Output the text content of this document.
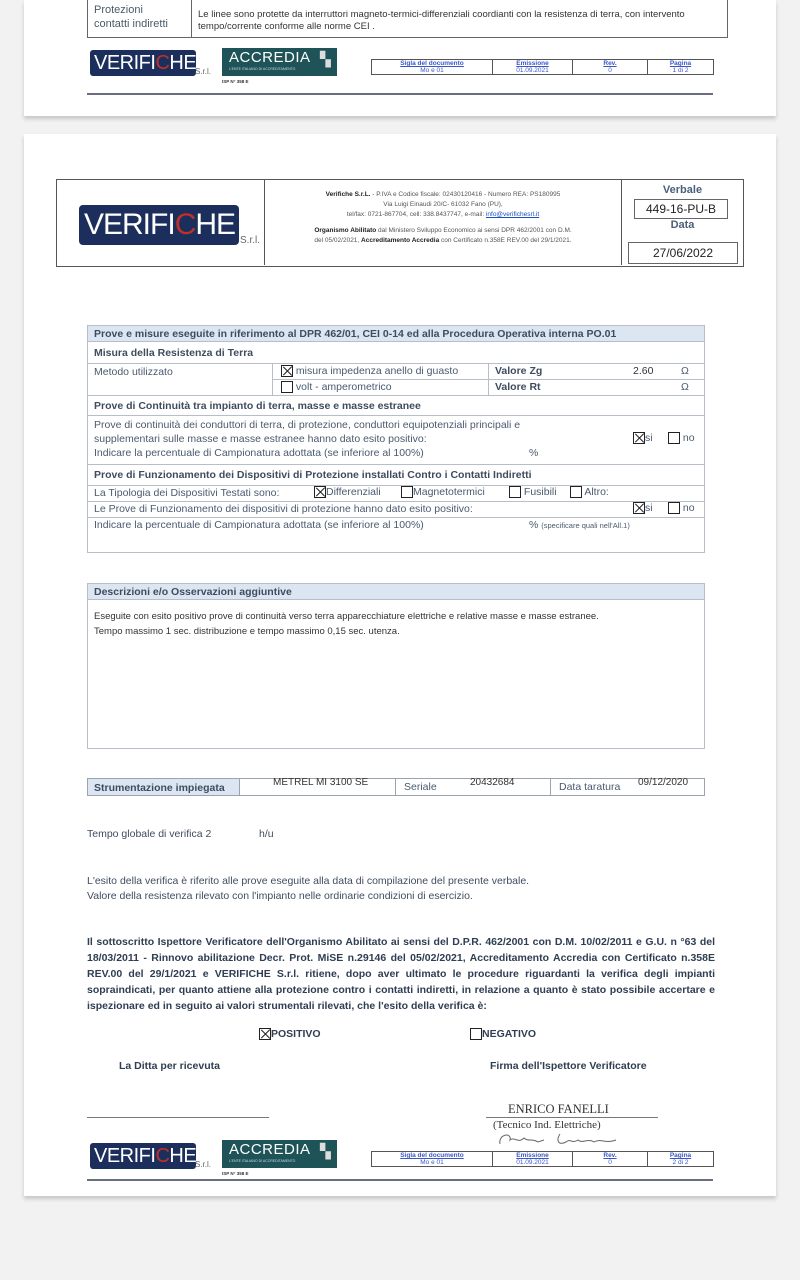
Protezioni
contatti indiretti
Le linee sono protette da interruttori magneto-termici-differenziali coordianti con la resistenza di terra, con intervento
tempo/corrente conforme alle norme CEI .
VERIFICHE
S.r.l.
ACCREDIA
L'ENTE ITALIANO DI ACCREDITAMENTO
▚
ISP N° 358 E
Sigla del documento
Mo e 01
Emissione
01.09.2021
Rev.
0
Pagina
1 di 2
VERIFICHE S.r.l.
Verifiche S.r.L. - P.IVA e Codice fiscale: 02430120416 - Numero REA: PS180995
Via Luigi Einaudi 20/C- 61032 Fano (PU),
tel/fax: 0721-867704, cell: 338.8437747, e-mail: info@verifichesrl.it
Organismo Abilitato dal Ministero Sviluppo Economico ai sensi DPR 462/2001 con D.M.
del 05/02/2021, Accreditamento Accredia con Certificato n.358E REV.00 del 29/1/2021.
Verbale
449-16-PU-B
Data
27/06/2022
Prove e misure eseguite in riferimento al DPR 462/01, CEI 0-14 ed alla Procedura Operativa interna PO.01
Misura della Resistenza di Terra
Metodo utilizzato	misura impedenza anello di guasto
volt - amperometrico
Valore Zg	2.60	Ω
Valore Rt	Ω
Prove di Continuità tra impianto di terra, masse e masse estranee
Prove di continuità dei conduttori di terra, di protezione, conduttori equipotenziali principali e
supplementari sulle masse e masse estranee hanno dato esito positivo:
Indicare la percentuale di Campionatura adottata (se inferiore al 100%)	%
si	no
Prove di Funzionamento dei Dispositivi di Protezione installati Contro i Contatti Indiretti
La Tipologia dei Dispositivi Testati sono:	Differenziali	Magnetotermici	Fusibili	Altro:
Le Prove di Funzionamento dei dispositivi di protezione hanno dato esito positivo:	si	no
Indicare la percentuale di Campionatura adottata (se inferiore al 100%)	% (specificare quali nell'All.1)
Descrizioni e/o Osservazioni aggiuntive
Eseguite con esito positivo prove di continuità verso terra apparecchiature elettriche e relative masse e masse estranee.
Tempo massimo 1 sec. distribuzione e tempo massimo 0,15 sec. utenza.
Strumentazione impiegata	METREL MI 3100 SE	Seriale	20432684	Data taratura 09/12/2020
Tempo globale di verifica 2	h/u
L'esito della verifica è riferito alle prove eseguite alla data di compilazione del presente verbale.
Valore della resistenza rilevato con l'impianto nelle ordinarie condizioni di esercizio.
Il sottoscritto Ispettore Verificatore dell'Organismo Abilitato ai sensi del D.P.R. 462/2001 con D.M. 10/02/2011 e G.U. n °63 del 18/03/2011 - Rinnovo abilitazione Decr. Prot. MiSE n.29146 del 05/02/2021, Accreditamento Accredia con Certificato n.358E REV.00 del 29/1/2021 e VERIFICHE S.r.l. ritiene, dopo aver ultimato le procedure riguardanti la verifica degli impianti sopraindicati, per quanto attiene alla protezione contro i contatti indiretti, in relazione a quanto è stato possibile accertare e ispezionare ed in seguito ai valori strumentali rilevati, che l'esito della verifica è:
POSITIVO	NEGATIVO
La Ditta per ricevuta	Firma dell'Ispettore Verificatore
ENRICO FANELLI
(Tecnico Ind. Elettriche)
VERIFICHE
S.r.l.
ACCREDIA
L'ENTE ITALIANO DI ACCREDITAMENTO
▚
ISP N° 358 E
Sigla del documento
Mo e 01
Emissione
01.09.2021
Rev.
0
Pagina
2 di 2
